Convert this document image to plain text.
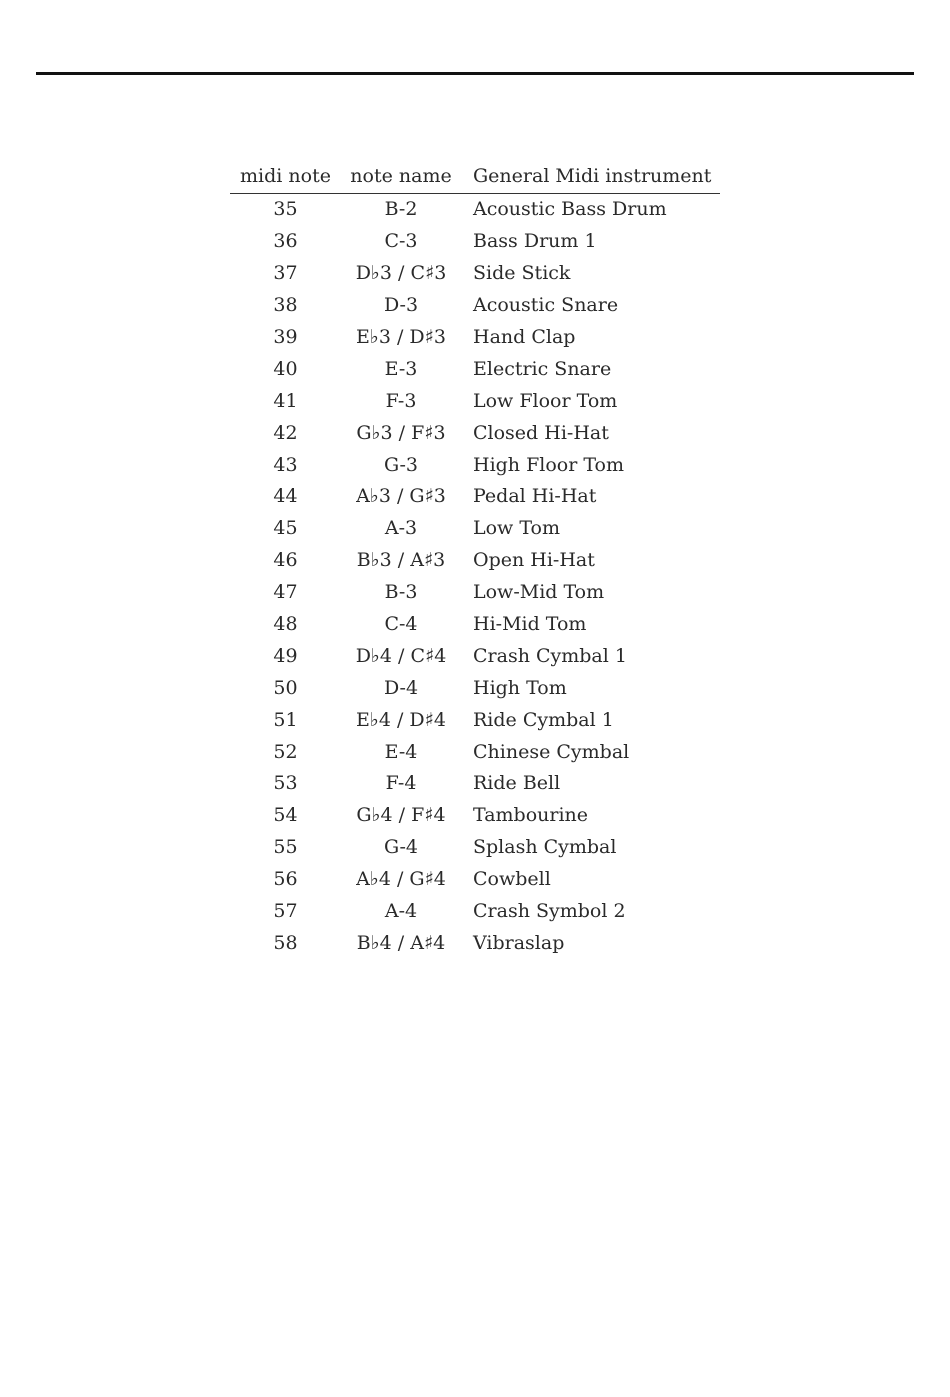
midi note	note name	General Midi instrument
35	B-2	Acoustic Bass Drum
36	C-3	Bass Drum 1
37	D♭3 / C♯3	Side Stick
38	D-3	Acoustic Snare
39	E♭3 / D♯3	Hand Clap
40	E-3	Electric Snare
41	F-3	Low Floor Tom
42	G♭3 / F♯3	Closed Hi-Hat
43	G-3	High Floor Tom
44	A♭3 / G♯3	Pedal Hi-Hat
45	A-3	Low Tom
46	B♭3 / A♯3	Open Hi-Hat
47	B-3	Low-Mid Tom
48	C-4	Hi-Mid Tom
49	D♭4 / C♯4	Crash Cymbal 1
50	D-4	High Tom
51	E♭4 / D♯4	Ride Cymbal 1
52	E-4	Chinese Cymbal
53	F-4	Ride Bell
54	G♭4 / F♯4	Tambourine
55	G-4	Splash Cymbal
56	A♭4 / G♯4	Cowbell
57	A-4	Crash Symbol 2
58	B♭4 / A♯4	Vibraslap
